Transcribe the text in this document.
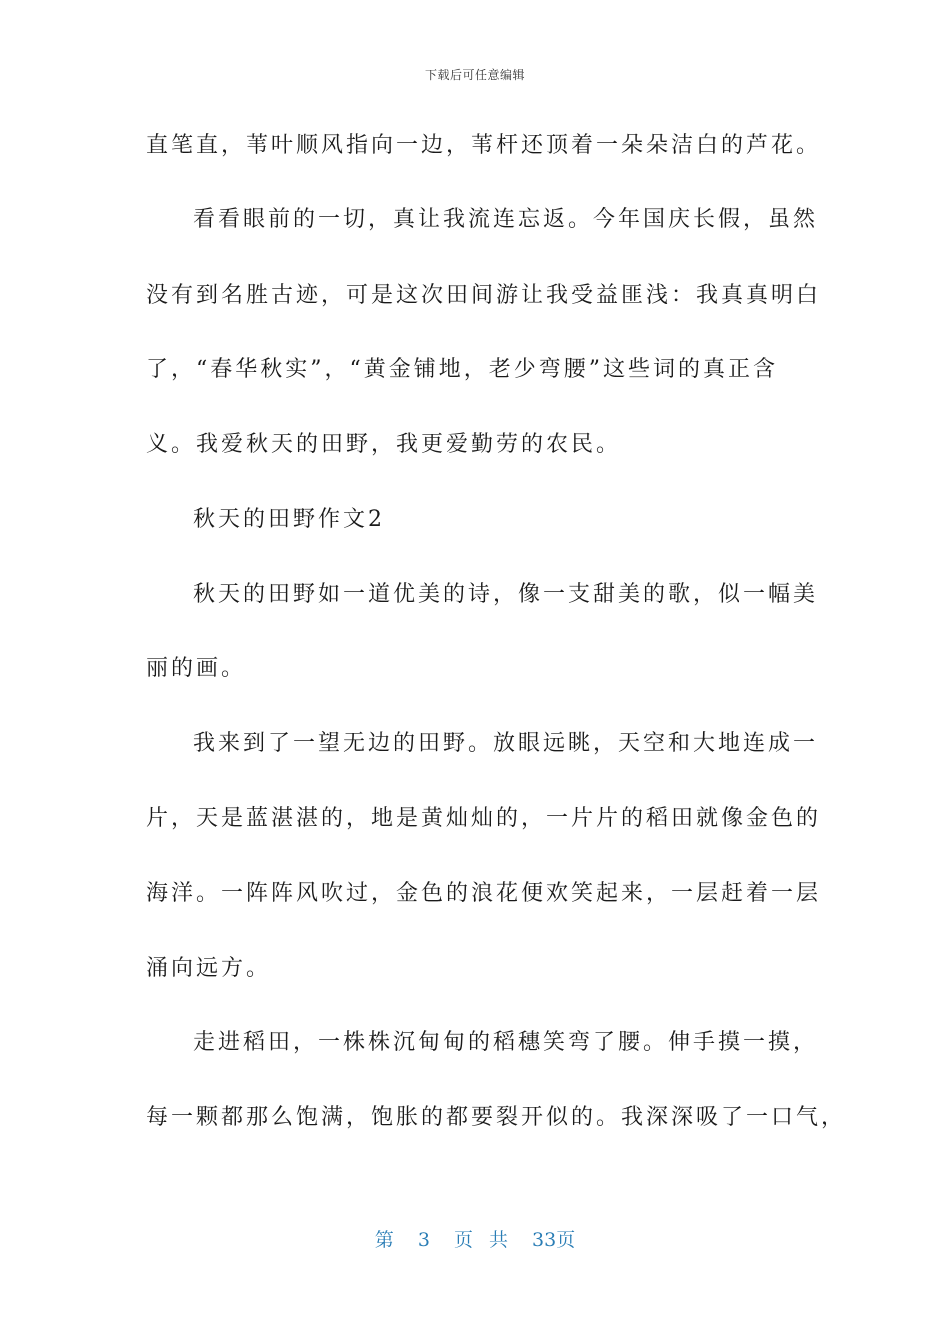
下载后可任意编辑
直笔直，苇叶顺风指向一边，苇杆还顶着一朵朵洁白的芦花。
看看眼前的一切，真让我流连忘返。今年国庆长假，虽然
没有到名胜古迹，可是这次田间游让我受益匪浅：我真真明白
了，“春华秋实”，“黄金铺地，老少弯腰”这些词的真正含
义。我爱秋天的田野，我更爱勤劳的农民。
秋天的田野作文2
秋天的田野如一道优美的诗，像一支甜美的歌，似一幅美
丽的画。
我来到了一望无边的田野。放眼远眺，天空和大地连成一
片，天是蓝湛湛的，地是黄灿灿的，一片片的稻田就像金色的
海洋。一阵阵风吹过，金色的浪花便欢笑起来，一层赶着一层
涌向远方。
走进稻田，一株株沉甸甸的稻穗笑弯了腰。伸手摸一摸，
每一颗都那么饱满，饱胀的都要裂开似的。我深深吸了一口气，
第 3 页 共 33页
